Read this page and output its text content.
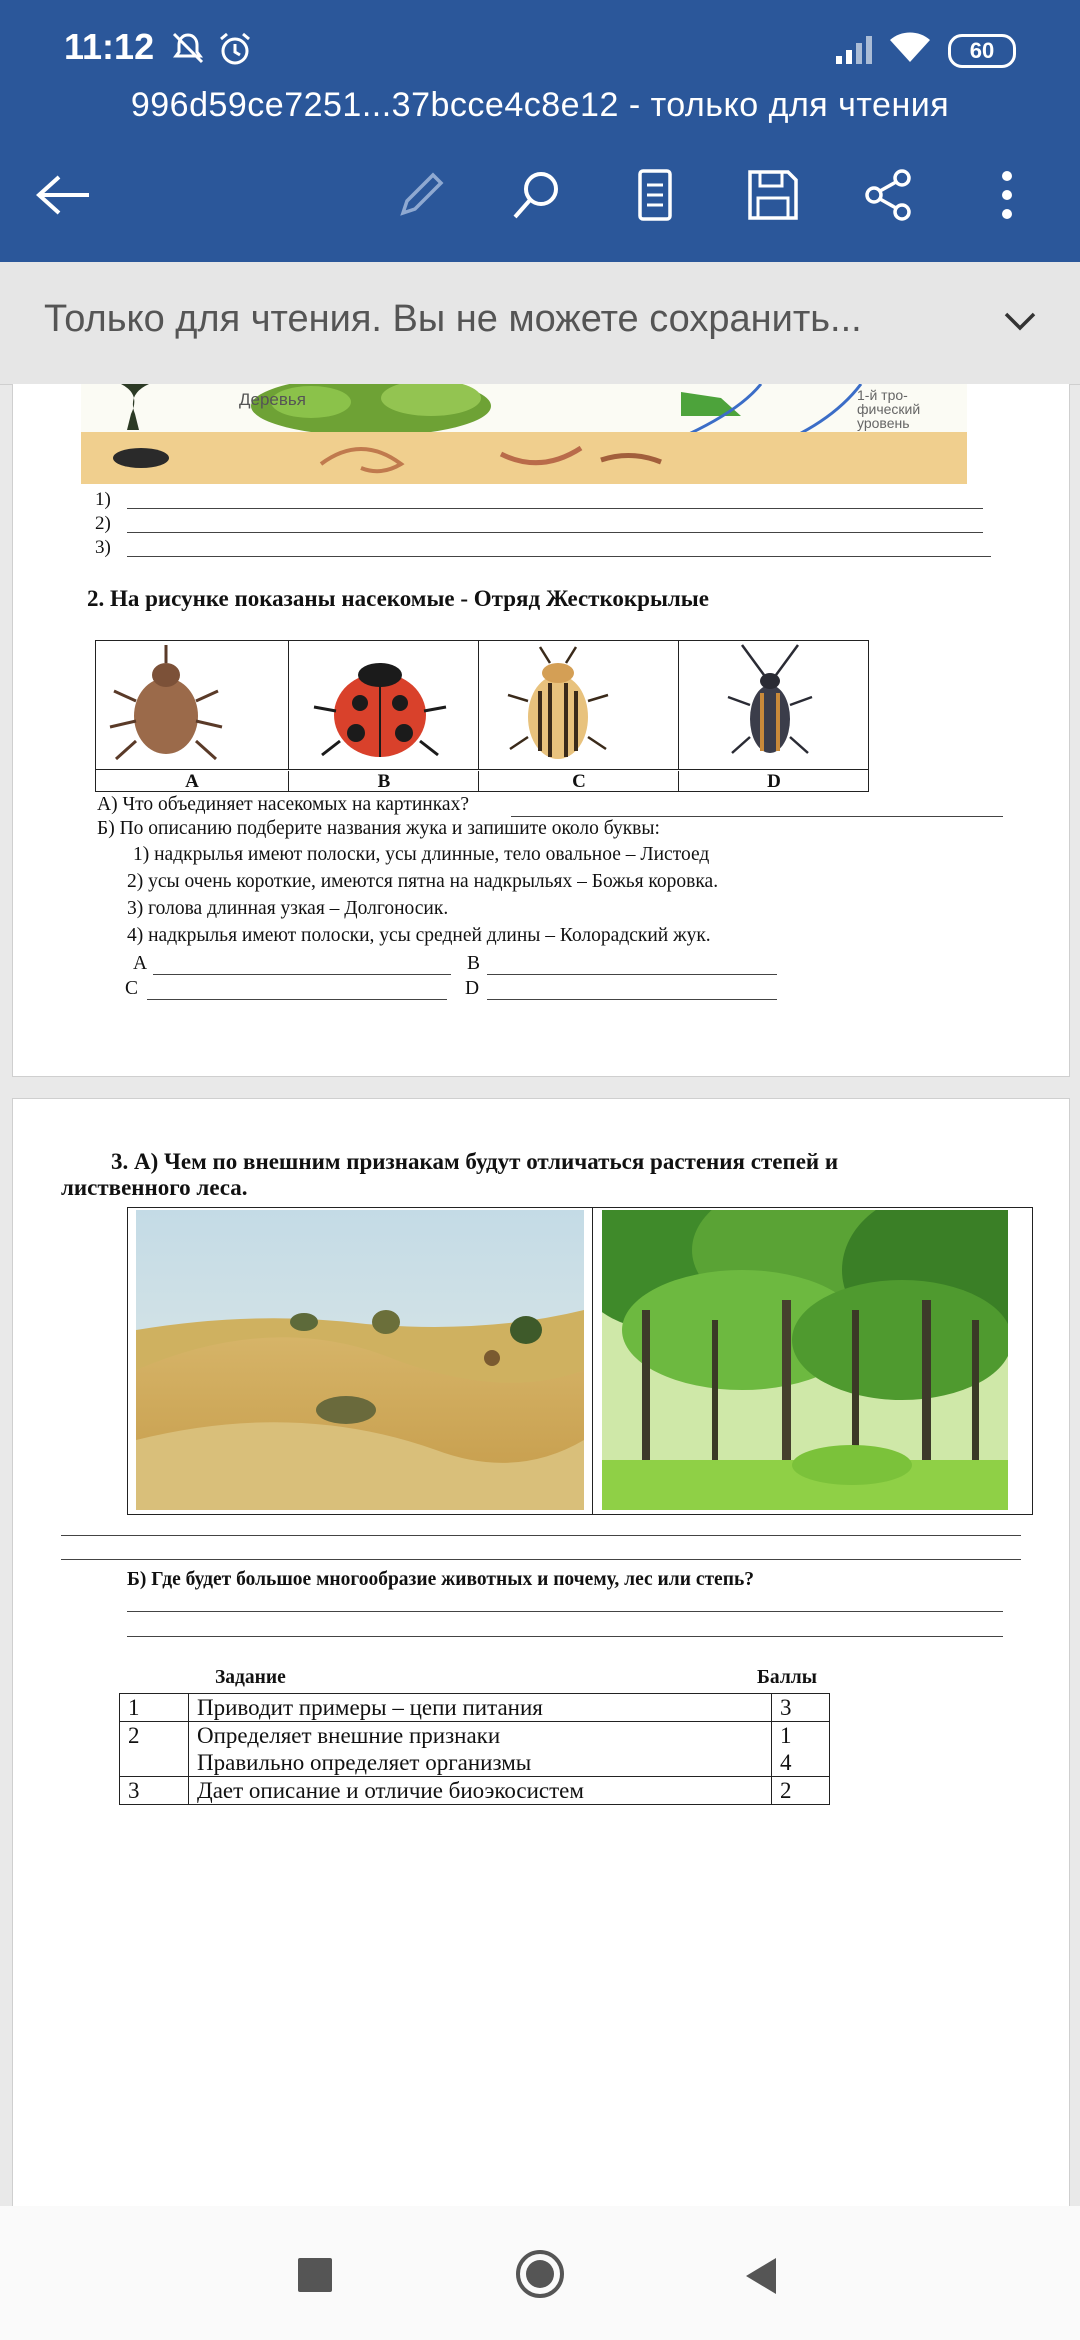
11:12	60
996d59ce7251...37bcce4c8e12 - только для чтения
Только для чтения. Вы не можете сохранить...
Деревья	1-й тро-
фический
уровень
1)
2)
3)
2. На рисунке показаны насекомые - Отряд Жесткокрылые
A	B	C	D
А) Что объединяет насекомых на картинках?
Б) По описанию подберите названия жука и запишите около буквы:
1) надкрылья имеют полоски, усы длинные, тело овальное – Листоед
2) усы очень короткие, имеются пятна на надкрыльях – Божья коровка.
3) голова длинная узкая – Долгоносик.
4) надкрылья имеют полоски, усы средней длины – Колорадский жук.
A	B
C	D
3. А) Чем по внешним признакам будут отличаться растения степей и
лиственного леса.
Б) Где будет большое многообразие животных и почему, лес или степь?
Задание	Баллы
1	Приводит примеры – цепи питания	3
2	Определяет внешние признаки	1
	Правильно определяет организмы	4
3	Дает описание и отличие биоэкосистем	2
